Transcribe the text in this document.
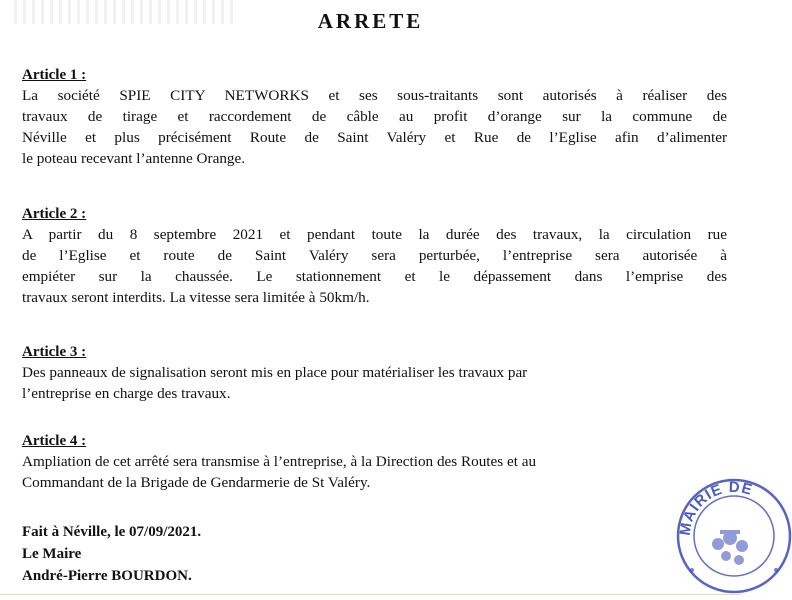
ARRETE
Article 1 :
La société SPIE CITY NETWORKS et ses sous-traitants sont autorisés à réaliser des
travaux de tirage et raccordement de câble au profit d’orange sur la commune de
Néville et plus précisément Route de Saint Valéry et Rue de l’Eglise afin d’alimenter
le poteau recevant l’antenne Orange.
Article 2 :
A partir du 8 septembre 2021 et pendant toute la durée des travaux, la circulation rue
de l’Eglise et route de Saint Valéry sera perturbée, l’entreprise sera autorisée à
empiéter sur la chaussée. Le stationnement et le dépassement dans l’emprise des
travaux seront interdits. La vitesse sera limitée à 50km/h.
Article 3 :
Des panneaux de signalisation seront mis en place pour matérialiser les travaux par
l’entreprise en charge des travaux.
Article 4 :
Ampliation de cet arrêté sera transmise à l’entreprise, à la Direction des Routes et au
Commandant de la Brigade de Gendarmerie de St Valéry.
Fait à Néville, le 07/09/2021.
Le Maire
André-Pierre BOURDON.
MAIRIE DE
